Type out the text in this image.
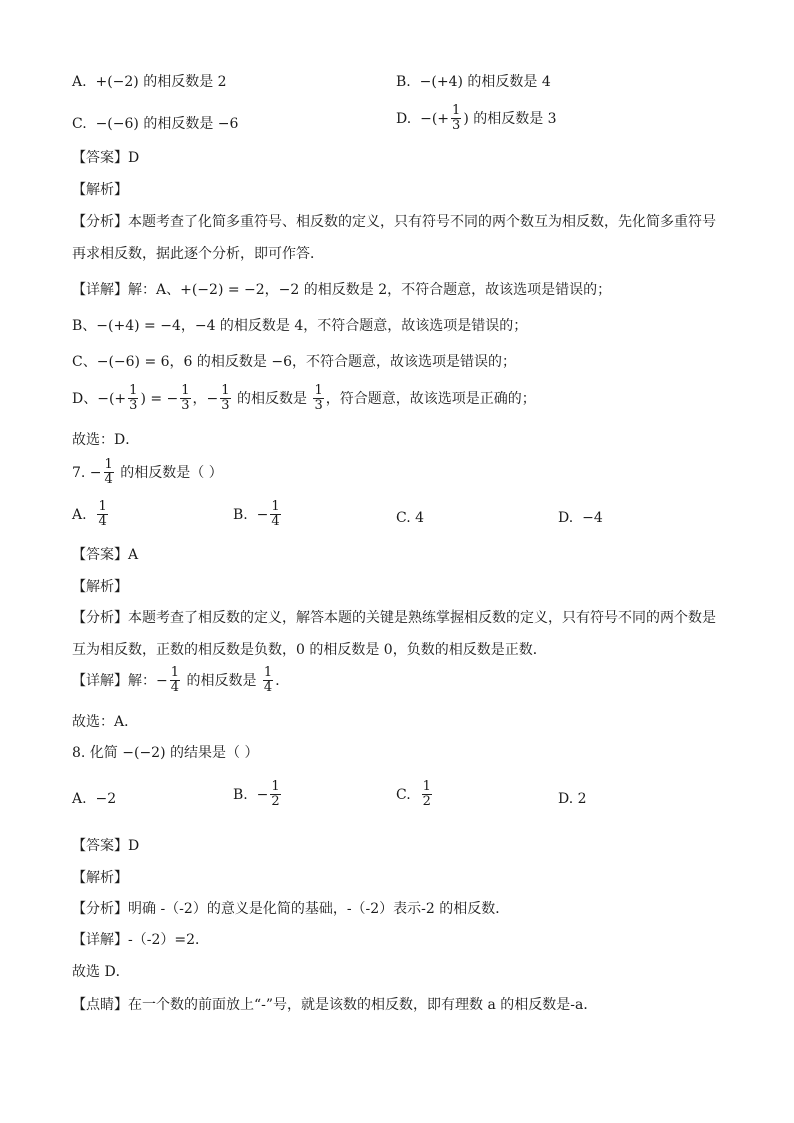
A. +(−2) 的相反数是 2	B. −(+4) 的相反数是 4
C. −(−6) 的相反数是 −6	D. −(+ $\frac{1}{3}$ ) 的相反数是 3
【答案】D
【解析】
【分析】本题考查了化简多重符号、相反数的定义，只有符号不同的两个数互为相反数，先化简多重符号
再求相反数，据此逐个分析，即可作答．
【详解】解：A、+(−2) = −2，−2 的相反数是 2，不符合题意，故该选项是错误的；
B、−(+4) = −4，−4 的相反数是 4，不符合题意，故该选项是错误的；
C、−(−6) = 6，6 的相反数是 −6，不符合题意，故该选项是错误的；
D、−(+ $\frac{1}{3}$ ) = − $\frac{1}{3}$ ，− $\frac{1}{3}$ 的相反数是 $\frac{1}{3}$ ，符合题意，故该选项是正确的；
故选：D．
7. − $\frac{1}{4}$ 的相反数是（ ）
A. $\frac{1}{4}$	B. − $\frac{1}{4}$	C. 4	D. −4
【答案】A
【解析】
【分析】本题考查了相反数的定义，解答本题的关键是熟练掌握相反数的定义，只有符号不同的两个数是
互为相反数，正数的相反数是负数，0 的相反数是 0，负数的相反数是正数．
【详解】解：− $\frac{1}{4}$ 的相反数是 $\frac{1}{4}$ ．
故选：A．
8. 化简 −(−2) 的结果是（ ）
A. −2	B. − $\frac{1}{2}$	C. $\frac{1}{2}$	D. 2
【答案】D
【解析】
【分析】明确 -（-2）的意义是化简的基础，-（-2）表示-2 的相反数．
【详解】-（-2）=2．
故选 D．
【点睛】在一个数的前面放上“-”号，就是该数的相反数，即有理数 a 的相反数是-a．
